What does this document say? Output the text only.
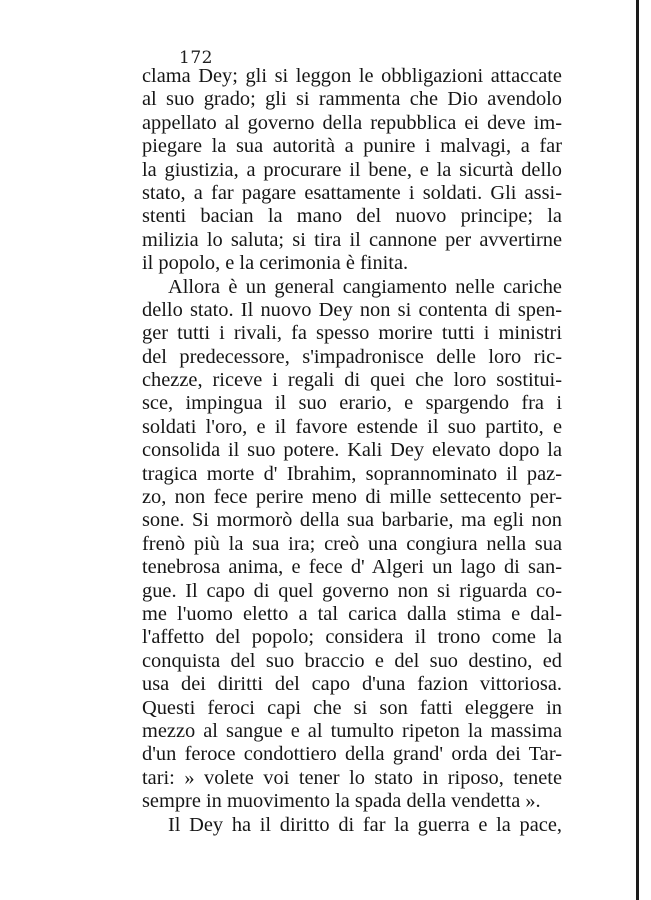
172
clama Dey; gli si leggon le obbligazioni attaccate
al suo grado; gli si rammenta che Dio avendolo
appellato al governo della repubblica ei deve im-
piegare la sua autorità a punire i malvagi, a far
la giustizia, a procurare il bene, e la sicurtà dello
stato, a far pagare esattamente i soldati. Gli assi-
stenti bacian la mano del nuovo principe; la
milizia lo saluta; si tira il cannone per avvertirne
il popolo, e la cerimonia è finita.
Allora è un general cangiamento nelle cariche
dello stato. Il nuovo Dey non si contenta di spen-
ger tutti i rivali, fa spesso morire tutti i ministri
del predecessore, s'impadronisce delle loro ric-
chezze, riceve i regali di quei che loro sostitui-
sce, impingua il suo erario, e spargendo fra i
soldati l'oro, e il favore estende il suo partito, e
consolida il suo potere. Kali Dey elevato dopo la
tragica morte d' Ibrahim, soprannominato il paz-
zo, non fece perire meno di mille settecento per-
sone. Si mormorò della sua barbarie, ma egli non
frenò più la sua ira; creò una congiura nella sua
tenebrosa anima, e fece d' Algeri un lago di san-
gue. Il capo di quel governo non si riguarda co-
me l'uomo eletto a tal carica dalla stima e dal-
l'affetto del popolo; considera il trono come la
conquista del suo braccio e del suo destino, ed
usa dei diritti del capo d'una fazion vittoriosa.
Questi feroci capi che si son fatti eleggere in
mezzo al sangue e al tumulto ripeton la massima
d'un feroce condottiero della grand' orda dei Tar-
tari: » volete voi tener lo stato in riposo, tenete
sempre in muovimento la spada della vendetta ».
Il Dey ha il diritto di far la guerra e la pace,
